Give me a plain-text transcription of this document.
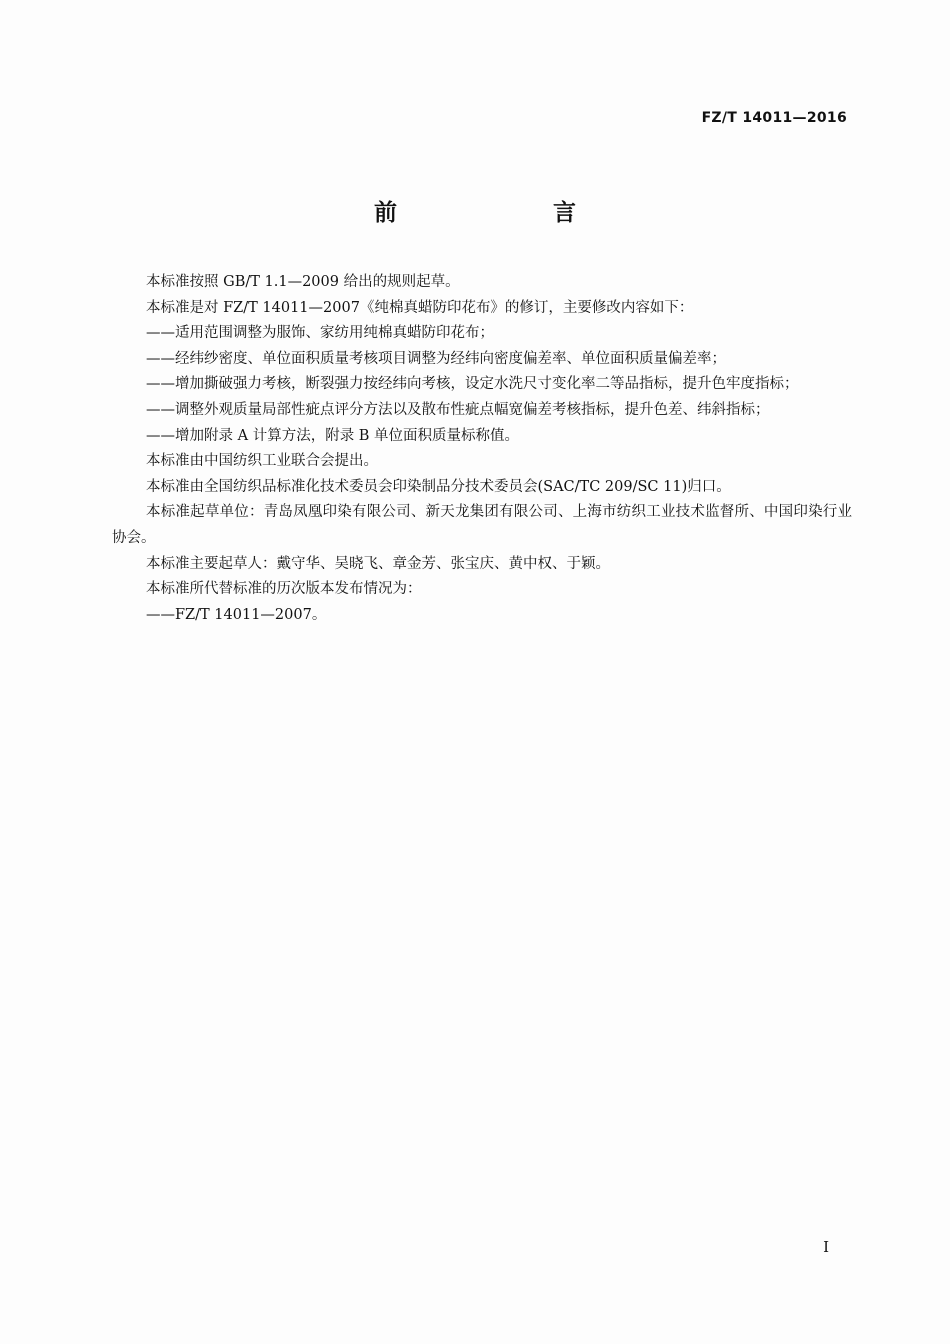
FZ/T 14011—2016
前 言

本标准按照 GB/T 1.1—2009 给出的规则起草。

本标准是对 FZ/T 14011—2007《纯棉真蜡防印花布》的修订，主要修改内容如下：

——适用范围调整为服饰、家纺用纯棉真蜡防印花布；

——经纬纱密度、单位面积质量考核项目调整为经纬向密度偏差率、单位面积质量偏差率；

——增加撕破强力考核，断裂强力按经纬向考核，设定水洗尺寸变化率二等品指标，提升色牢度指标；

——调整外观质量局部性疵点评分方法以及散布性疵点幅宽偏差考核指标，提升色差、纬斜指标；

——增加附录 A 计算方法，附录 B 单位面积质量标称值。

本标准由中国纺织工业联合会提出。

本标准由全国纺织品标准化技术委员会印染制品分技术委员会(SAC/TC 209/SC 11)归口。

本标准起草单位：青岛凤凰印染有限公司、新天龙集团有限公司、上海市纺织工业技术监督所、中国印染行业协会。

本标准主要起草人：戴守华、吴晓飞、章金芳、张宝庆、黄中权、于颖。

本标准所代替标准的历次版本发布情况为：

——FZ/T 14011—2007。

I
